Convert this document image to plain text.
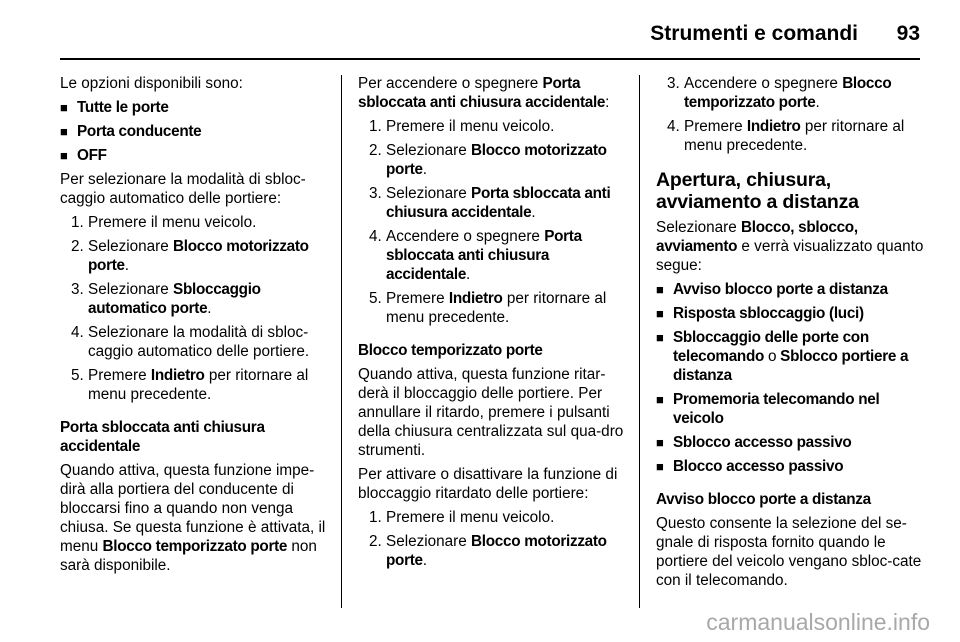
Strumenti e comandi 93

Le opzioni disponibili sono:

■ Tutte le porte
■ Porta conducente
■ OFF

Per selezionare la modalità di sbloc-caggio automatico delle portiere:

1. Premere il menu veicolo.
2. Selezionare Blocco motorizzato porte.
3. Selezionare Sbloccaggio automatico porte.
4. Selezionare la modalità di sbloc-caggio automatico delle portiere.
5. Premere Indietro per ritornare al menu precedente.

Porta sbloccata anti chiusura accidentale

Quando attiva, questa funzione impe-dirà alla portiera del conducente di bloccarsi fino a quando non venga chiusa. Se questa funzione è attivata, il menu Blocco temporizzato porte non sarà disponibile.

Per accendere o spegnere Porta sbloccata anti chiusura accidentale:

1. Premere il menu veicolo.
2. Selezionare Blocco motorizzato porte.
3. Selezionare Porta sbloccata anti chiusura accidentale.
4. Accendere o spegnere Porta sbloccata anti chiusura accidentale.
5. Premere Indietro per ritornare al menu precedente.

Blocco temporizzato porte

Quando attiva, questa funzione ritar-derà il bloccaggio delle portiere. Per annullare il ritardo, premere i pulsanti della chiusura centralizzata sul qua-dro strumenti.

Per attivare o disattivare la funzione di bloccaggio ritardato delle portiere:

1. Premere il menu veicolo.
2. Selezionare Blocco motorizzato porte.
3. Accendere o spegnere Blocco temporizzato porte.
4. Premere Indietro per ritornare al menu precedente.

Apertura, chiusura, avviamento a distanza

Selezionare Blocco, sblocco, avviamento e verrà visualizzato quanto segue:

■ Avviso blocco porte a distanza
■ Risposta sbloccaggio (luci)
■ Sbloccaggio delle porte con telecomando o Sblocco portiere a distanza
■ Promemoria telecomando nel veicolo
■ Sblocco accesso passivo
■ Blocco accesso passivo

Avviso blocco porte a distanza

Questo consente la selezione del se-gnale di risposta fornito quando le portiere del veicolo vengano sbloc-cate con il telecomando.

carmanualsonline.info
